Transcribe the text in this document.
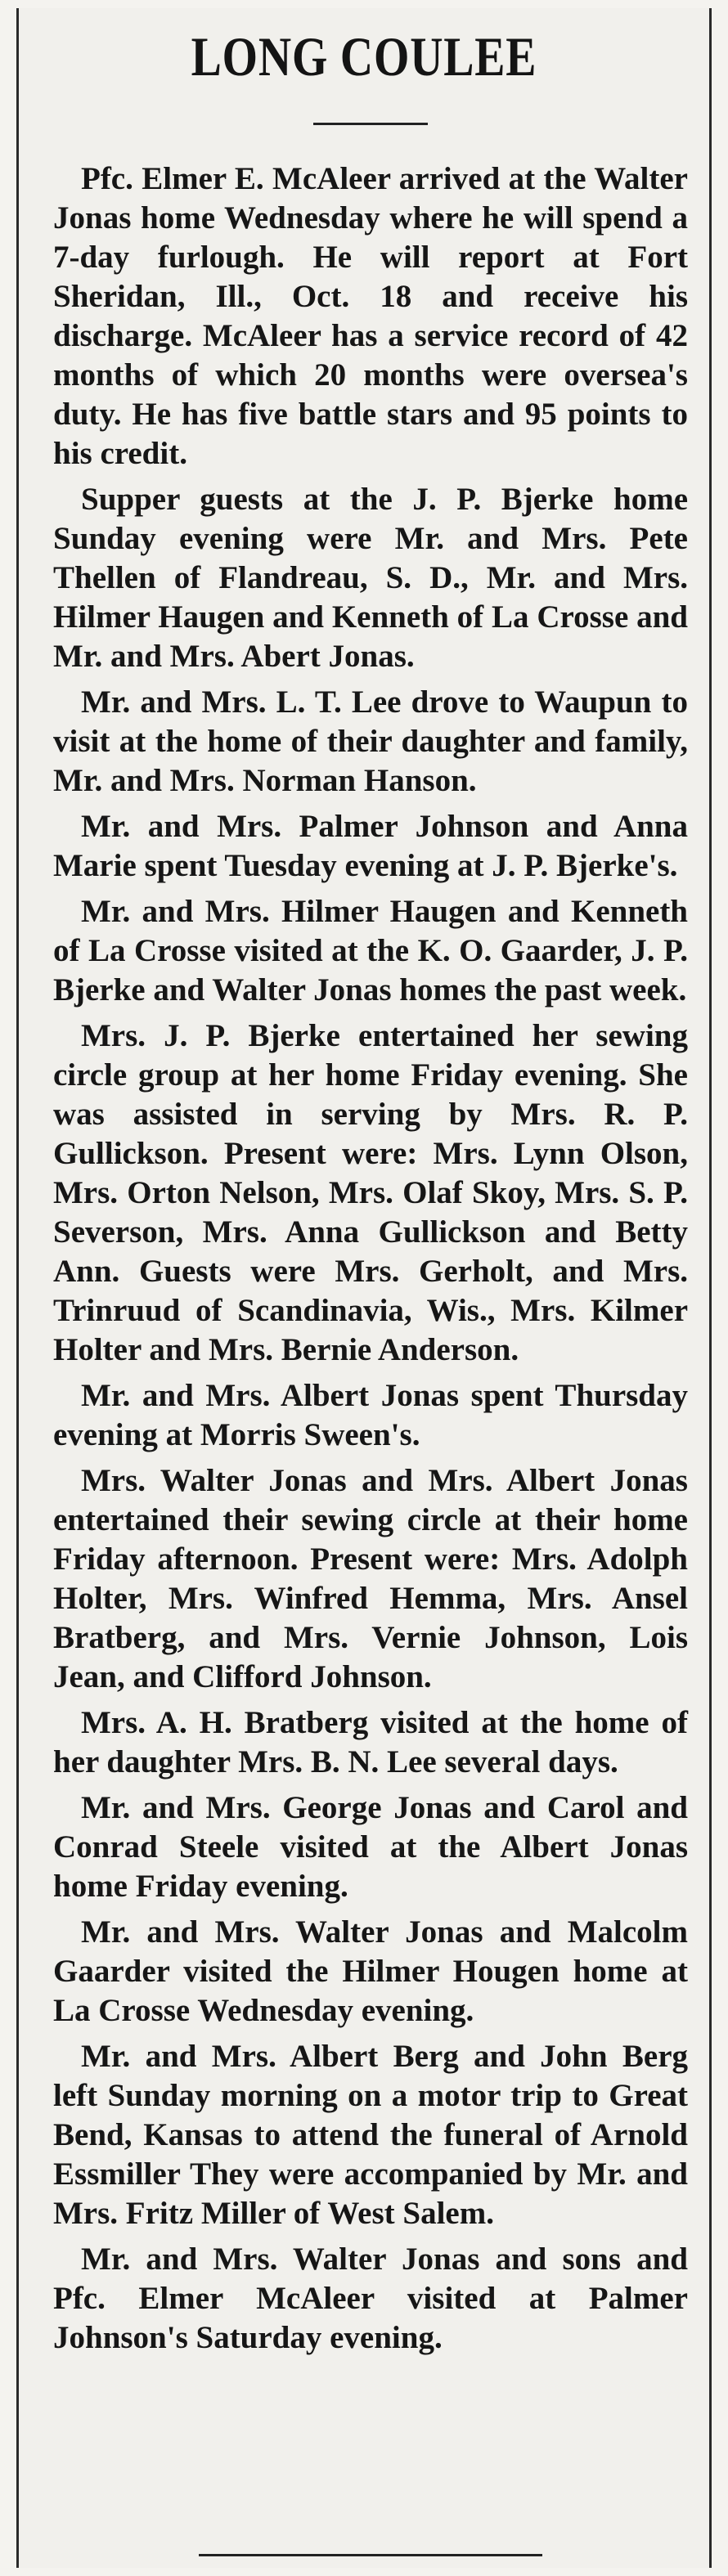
LONG COULEE

Pfc. Elmer E. McAleer arrived at the Walter Jonas home Wednesday where he will spend a 7-day furlough. He will report at Fort Sheridan, Ill., Oct. 18 and receive his discharge. McAleer has a service record of 42 months of which 20 months were oversea's duty. He has five battle stars and 95 points to his credit.

Supper guests at the J. P. Bjerke home Sunday evening were Mr. and Mrs. Pete Thellen of Flandreau, S. D., Mr. and Mrs. Hilmer Haugen and Kenneth of La Crosse and Mr. and Mrs. Abert Jonas.

Mr. and Mrs. L. T. Lee drove to Waupun to visit at the home of their daughter and family, Mr. and Mrs. Norman Hanson.

Mr. and Mrs. Palmer Johnson and Anna Marie spent Tuesday evening at J. P. Bjerke's.

Mr. and Mrs. Hilmer Haugen and Kenneth of La Crosse visited at the K. O. Gaarder, J. P. Bjerke and Walter Jonas homes the past week.

Mrs. J. P. Bjerke entertained her sewing circle group at her home Friday evening. She was assisted in serving by Mrs. R. P. Gullickson. Present were: Mrs. Lynn Olson, Mrs. Orton Nelson, Mrs. Olaf Skoy, Mrs. S. P. Severson, Mrs. Anna Gullickson and Betty Ann. Guests were Mrs. Gerholt, and Mrs. Trinruud of Scandinavia, Wis., Mrs. Kilmer Holter and Mrs. Bernie Anderson.

Mr. and Mrs. Albert Jonas spent Thursday evening at Morris Sween's.

Mrs. Walter Jonas and Mrs. Albert Jonas entertained their sewing circle at their home Friday afternoon. Present were: Mrs. Adolph Holter, Mrs. Winfred Hemma, Mrs. Ansel Bratberg, and Mrs. Vernie Johnson, Lois Jean, and Clifford Johnson.

Mrs. A. H. Bratberg visited at the home of her daughter Mrs. B. N. Lee several days.

Mr. and Mrs. George Jonas and Carol and Conrad Steele visited at the Albert Jonas home Friday evening.

Mr. and Mrs. Walter Jonas and Malcolm Gaarder visited the Hilmer Hougen home at La Crosse Wednesday evening.

Mr. and Mrs. Albert Berg and John Berg left Sunday morning on a motor trip to Great Bend, Kansas to attend the funeral of Arnold Essmiller They were accompanied by Mr. and Mrs. Fritz Miller of West Salem.

Mr. and Mrs. Walter Jonas and sons and Pfc. Elmer McAleer visited at Palmer Johnson's Saturday evening.
